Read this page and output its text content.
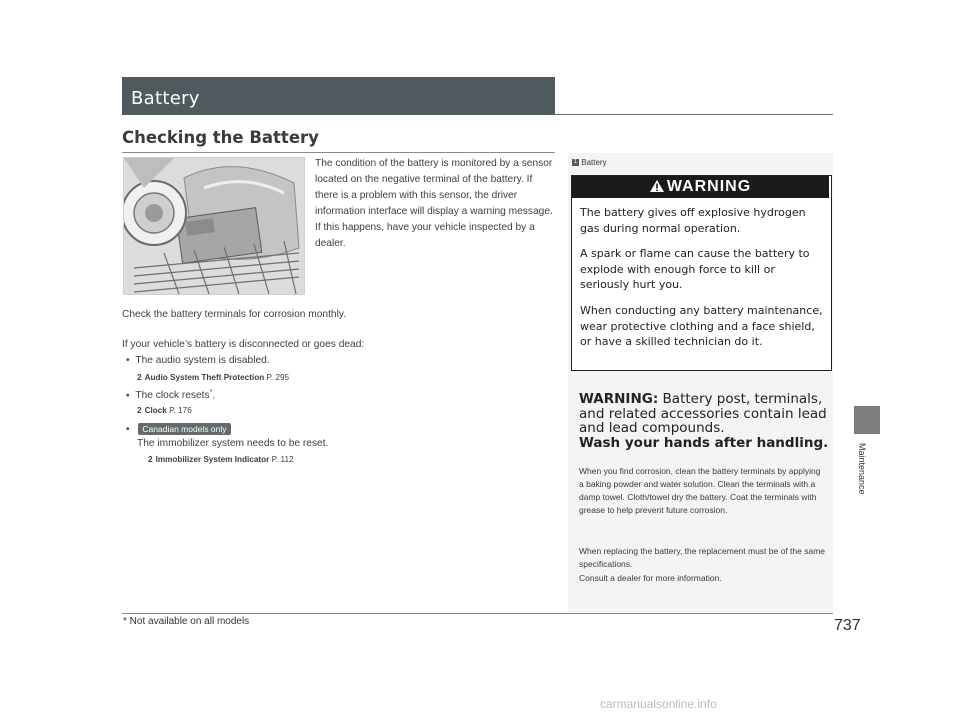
Battery
Checking the Battery
The condition of the battery is monitored by a sensor located on the negative terminal of the battery. If there is a problem with this sensor, the driver information interface will display a warning message. If this happens, have your vehicle inspected by a dealer.
Check the battery terminals for corrosion monthly.
If your vehicle’s battery is disconnected or goes dead:
• The audio system is disabled.
2 Audio System Theft Protection P. 295
• The clock resets*.
2 Clock P. 176
• Canadian models only
The immobilizer system needs to be reset.
2 Immobilizer System Indicator P. 112
1 Battery
WARNING
The battery gives off explosive hydrogen gas during normal operation.
A spark or flame can cause the battery to explode with enough force to kill or seriously hurt you.
When conducting any battery maintenance, wear protective clothing and a face shield, or have a skilled technician do it.
WARNING: Battery post, terminals, and related accessories contain lead and lead compounds.
Wash your hands after handling.
When you find corrosion, clean the battery terminals by applying a baking powder and water solution. Clean the terminals with a damp towel. Cloth/towel dry the battery. Coat the terminals with grease to help prevent future corrosion.
When replacing the battery, the replacement must be of the same specifications.
Consult a dealer for more information.
Maintenance
* Not available on all models	737
carmanualsonline.info
